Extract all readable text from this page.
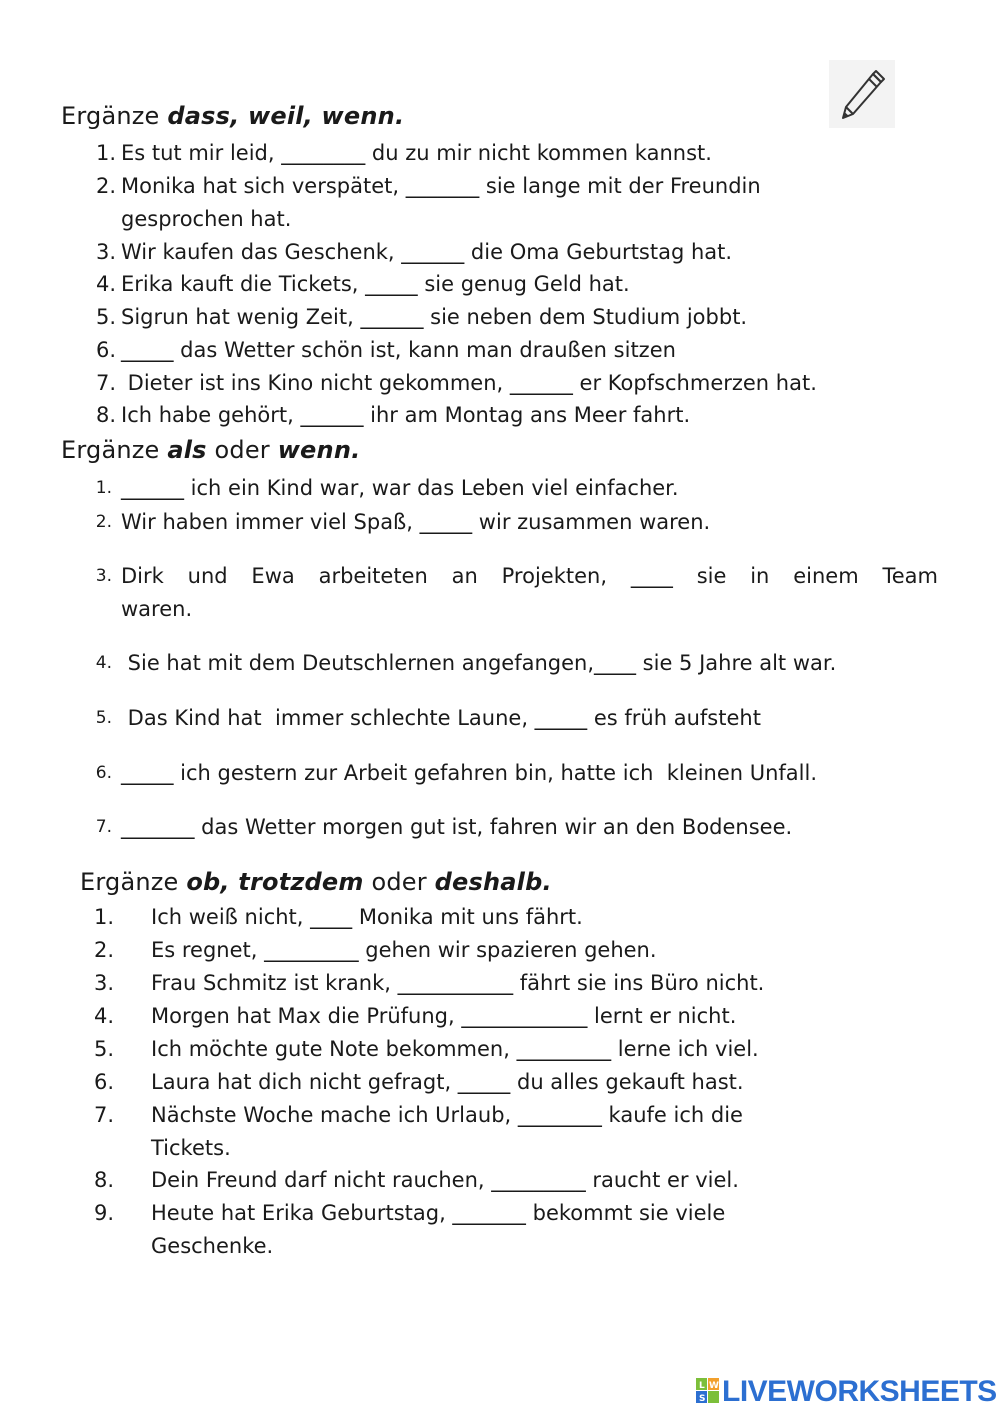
Ergänze dass, weil, wenn.
1. Es tut mir leid, ________ du zu mir nicht kommen kannst.
2. Monika hat sich verspätet, _______ sie lange mit der Freundin
gesprochen hat.
3. Wir kaufen das Geschenk, ______ die Oma Geburtstag hat.
4. Erika kauft die Tickets, _____ sie genug Geld hat.
5. Sigrun hat wenig Zeit, ______ sie neben dem Studium jobbt.
6. _____ das Wetter schön ist, kann man draußen sitzen
7. Dieter ist ins Kino nicht gekommen, ______ er Kopfschmerzen hat.
8. Ich habe gehört, ______ ihr am Montag ans Meer fahrt.
Ergänze als oder wenn.
1. ______ ich ein Kind war, war das Leben viel einfacher.
2. Wir haben immer viel Spaß, _____ wir zusammen waren.
3. Dirk und Ewa arbeiteten an Projekten, ____ sie in einem Team
waren.
4. Sie hat mit dem Deutschlernen angefangen,____ sie 5 Jahre alt war.
5. Das Kind hat  immer schlechte Laune, _____ es früh aufsteht
6. _____ ich gestern zur Arbeit gefahren bin, hatte ich  kleinen Unfall.
7. _______ das Wetter morgen gut ist, fahren wir an den Bodensee.
Ergänze ob, trotzdem oder deshalb.
1. Ich weiß nicht, ____ Monika mit uns fährt.
2. Es regnet, _________ gehen wir spazieren gehen.
3. Frau Schmitz ist krank, ___________ fährt sie ins Büro nicht.
4. Morgen hat Max die Prüfung, ____________ lernt er nicht.
5. Ich möchte gute Note bekommen, _________ lerne ich viel.
6. Laura hat dich nicht gefragt, _____ du alles gekauft hast.
7. Nächste Woche mache ich Urlaub, ________ kaufe ich die
Tickets.
8. Dein Freund darf nicht rauchen, _________ raucht er viel.
9. Heute hat Erika Geburtstag, _______ bekommt sie viele
Geschenke.
L W
S LIVEWORKSHEETS
